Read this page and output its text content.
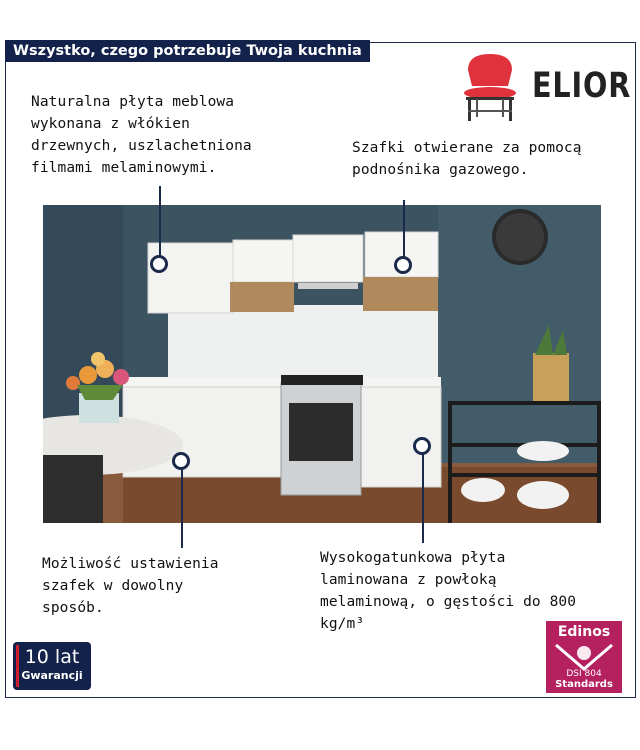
Wszystko, czego potrzebuje Twoja kuchnia
ELIOR
Naturalna płyta meblowa
wykonana z włókien
drzewnych, uszlachetniona
filmami melaminowymi.
Szafki otwierane za pomocą
podnośnika gazowego.
Możliwość ustawienia
szafek w dowolny
sposób.
Wysokogatunkowa płyta
laminowana z powłoką
melaminową, o gęstości do 800
kg/m³
10 lat
Gwarancji
Edinos
DSI 804
Standards
